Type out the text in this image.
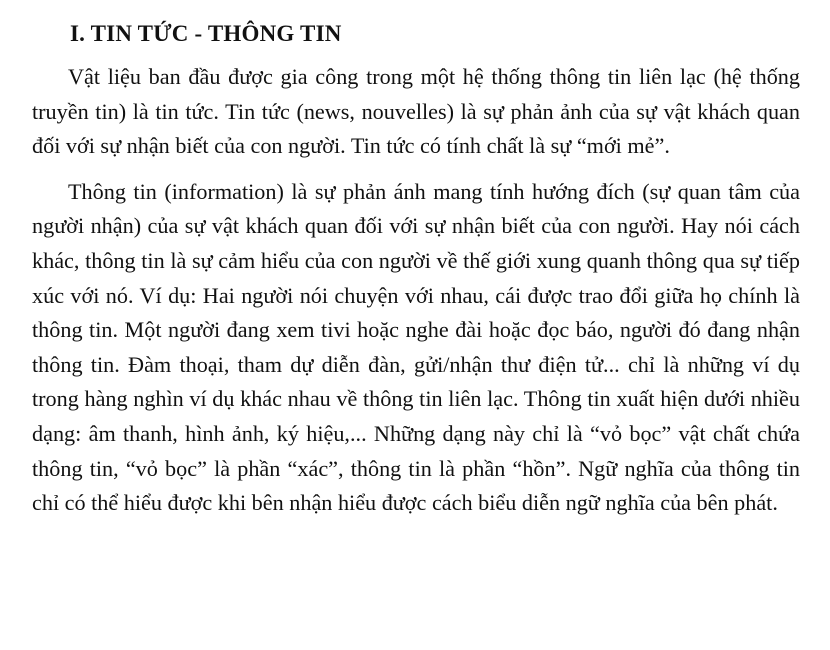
I. TIN TỨC - THÔNG TIN

Vật liệu ban đầu được gia công trong một hệ thống thông tin liên lạc (hệ thống truyền tin) là tin tức. Tin tức (news, nouvelles) là sự phản ảnh của sự vật khách quan đối với sự nhận biết của con người. Tin tức có tính chất là sự “mới mẻ”.

Thông tin (information) là sự phản ánh mang tính hướng đích (sự quan tâm của người nhận) của sự vật khách quan đối với sự nhận biết của con người. Hay nói cách khác, thông tin là sự cảm hiểu của con người về thế giới xung quanh thông qua sự tiếp xúc với nó. Ví dụ: Hai người nói chuyện với nhau, cái được trao đổi giữa họ chính là thông tin. Một người đang xem tivi hoặc nghe đài hoặc đọc báo, người đó đang nhận thông tin. Đàm thoại, tham dự diễn đàn, gửi/nhận thư điện tử... chỉ là những ví dụ trong hàng nghìn ví dụ khác nhau về thông tin liên lạc. Thông tin xuất hiện dưới nhiều dạng: âm thanh, hình ảnh, ký hiệu,... Những dạng này chỉ là “vỏ bọc” vật chất chứa thông tin, “vỏ bọc” là phần “xác”, thông tin là phần “hồn”. Ngữ nghĩa của thông tin chỉ có thể hiểu được khi bên nhận hiểu được cách biểu diễn ngữ nghĩa của bên phát.
